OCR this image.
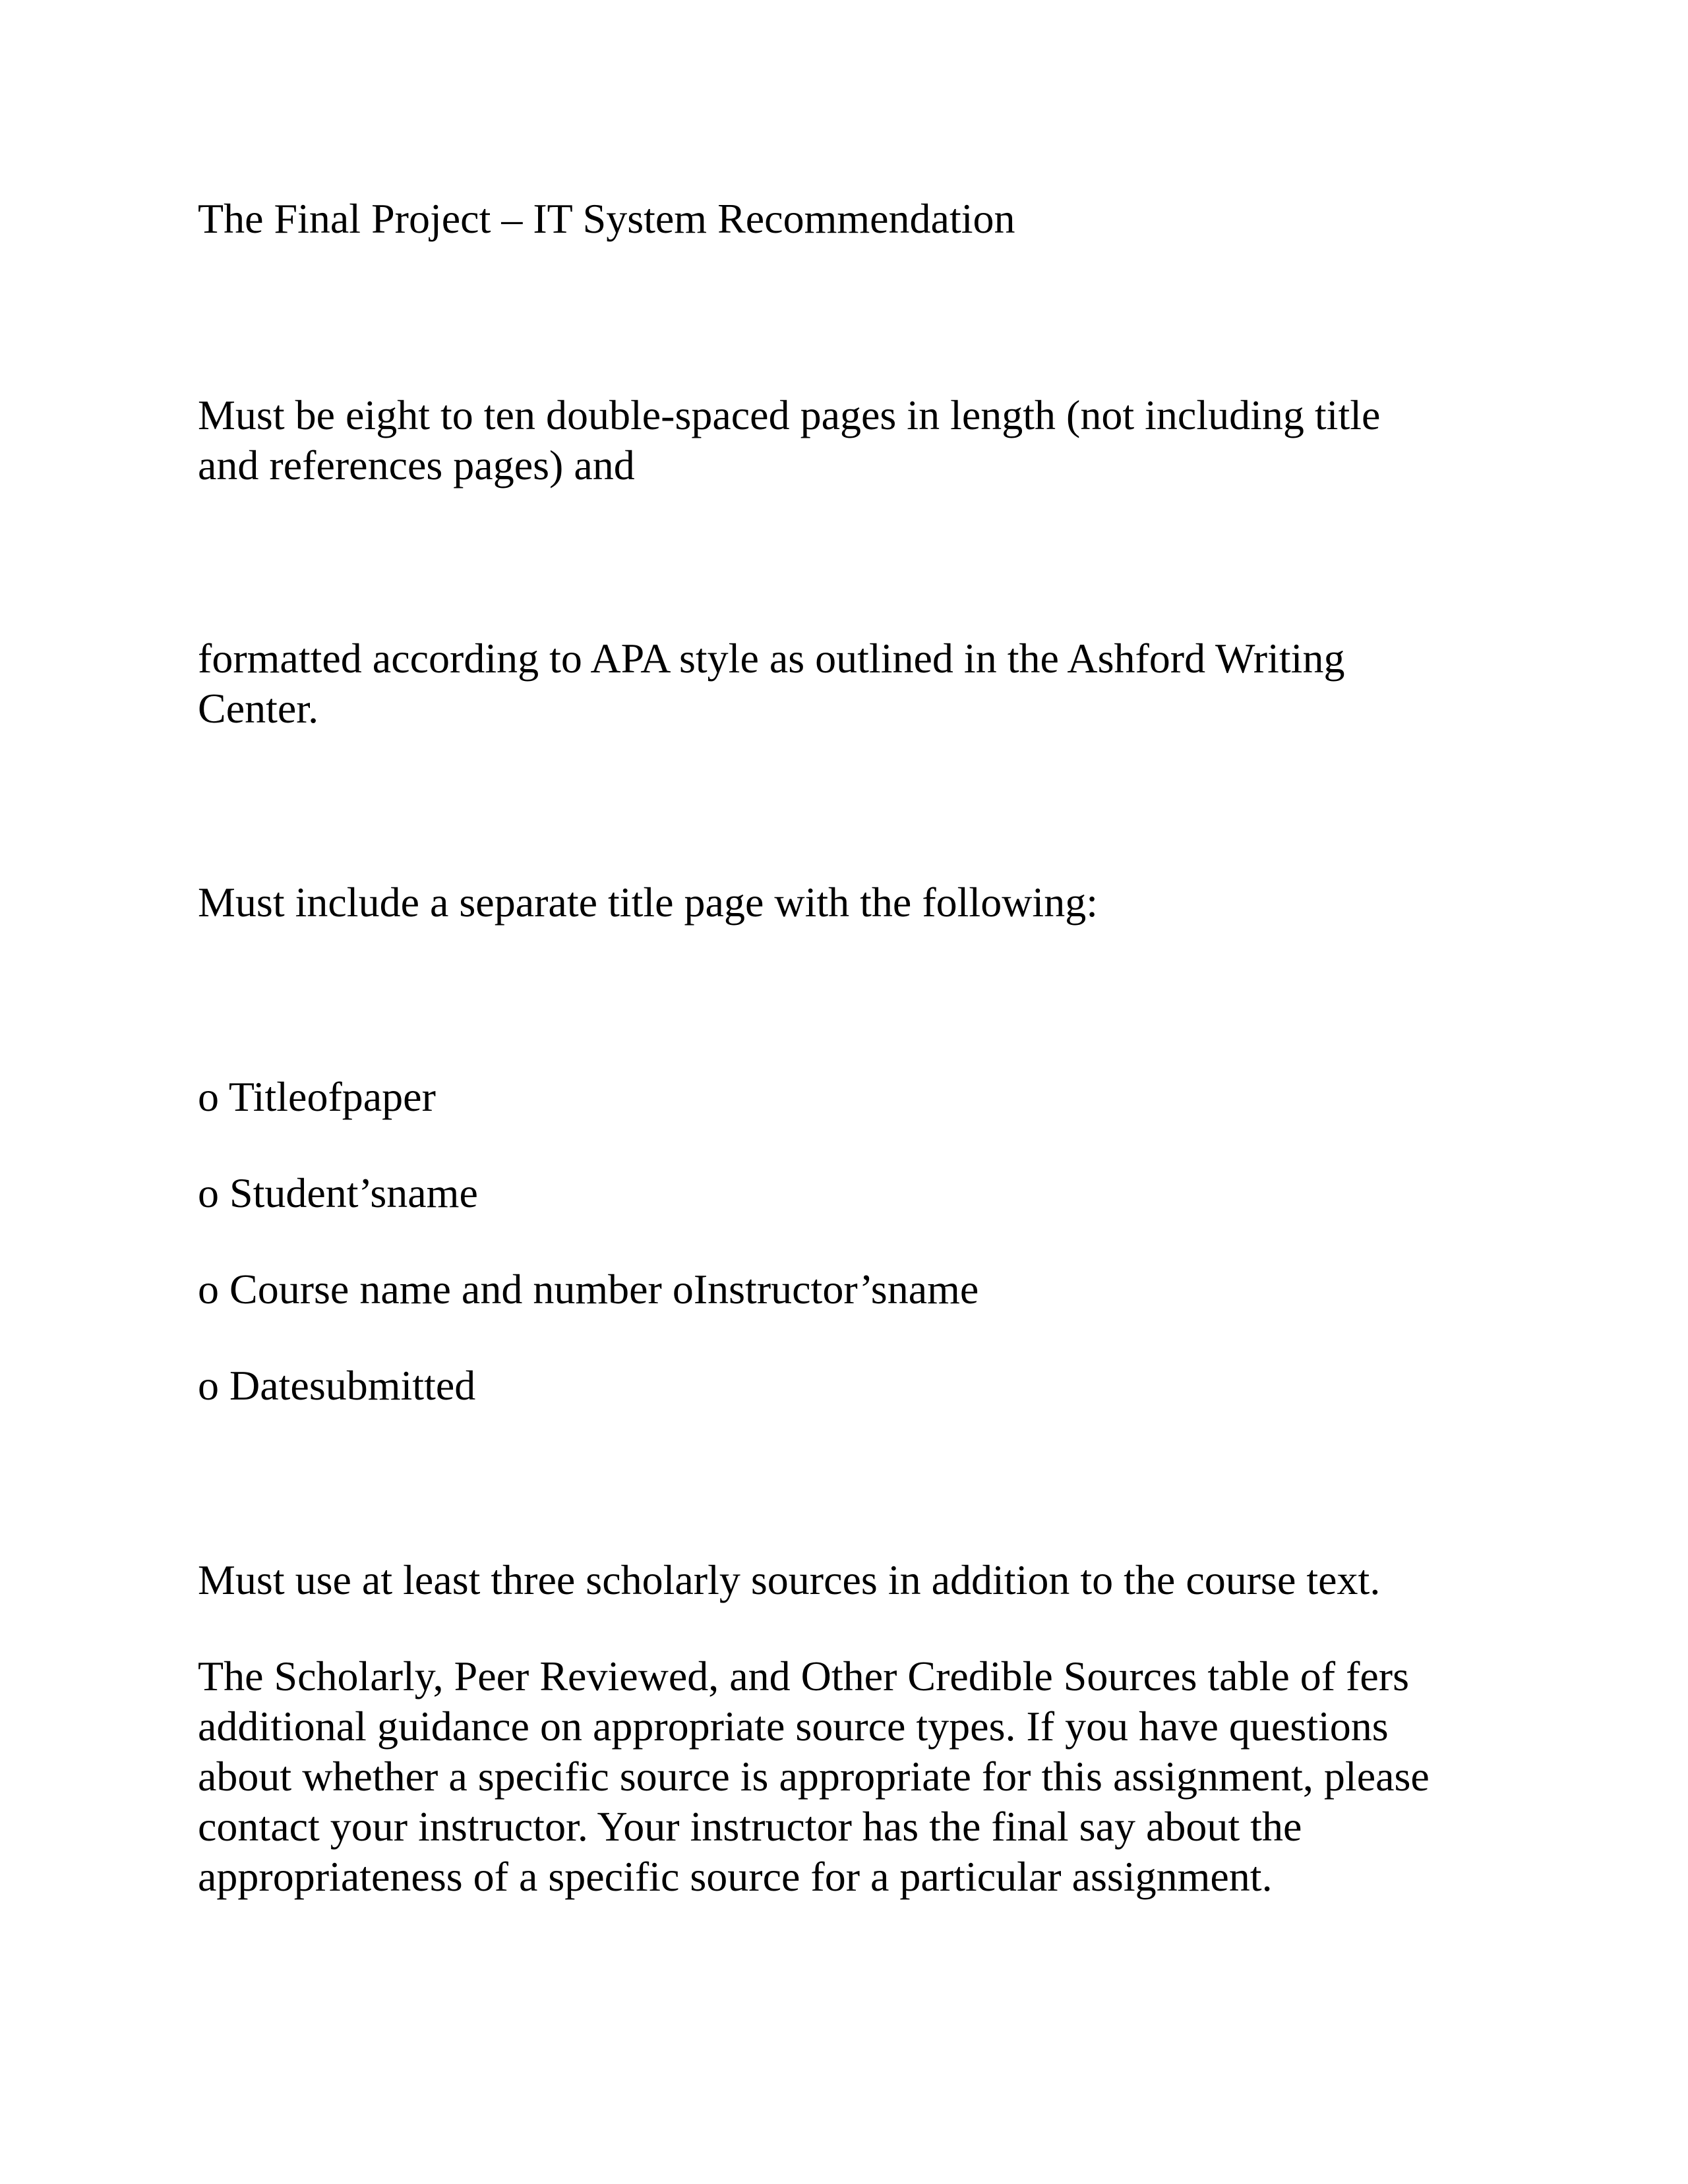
The Final Project – IT System Recommendation
Must be eight to ten double-spaced pages in length (not including title
and references pages) and
formatted according to APA style as outlined in the Ashford Writing
Center.
Must include a separate title page with the following:
o Titleofpaper
o Student’sname
o Course name and number oInstructor’sname
o Datesubmitted
Must use at least three scholarly sources in addition to the course text.
The Scholarly, Peer Reviewed, and Other Credible Sources table of fers
additional guidance on appropriate source types. If you have questions
about whether a specific source is appropriate for this assignment, please
contact your instructor. Your instructor has the final say about the
appropriateness of a specific source for a particular assignment.
